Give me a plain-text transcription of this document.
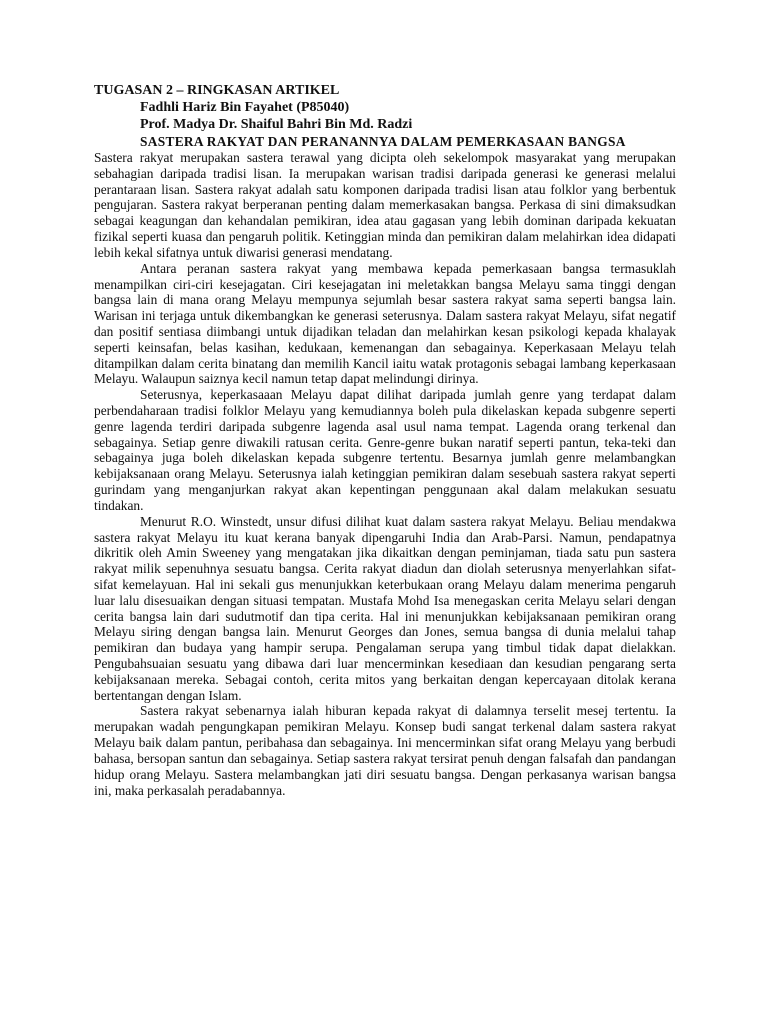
TUGASAN 2 – RINGKASAN ARTIKEL
Fadhli Hariz Bin Fayahet (P85040)
Prof. Madya Dr. Shaiful Bahri Bin Md. Radzi
SASTERA RAKYAT DAN PERANANNYA DALAM PEMERKASAAN BANGSA

Sastera rakyat merupakan sastera terawal yang dicipta oleh sekelompok masyarakat yang merupakan sebahagian daripada tradisi lisan. Ia merupakan warisan tradisi daripada generasi ke generasi melalui perantaraan lisan. Sastera rakyat adalah satu komponen daripada tradisi lisan atau folklor yang berbentuk pengujaran. Sastera rakyat berperanan penting dalam memerkasakan bangsa. Perkasa di sini dimaksudkan sebagai keagungan dan kehandalan pemikiran, idea atau gagasan yang lebih dominan daripada kekuatan fizikal seperti kuasa dan pengaruh politik. Ketinggian minda dan pemikiran dalam melahirkan idea didapati lebih kekal sifatnya untuk diwarisi generasi mendatang.

Antara peranan sastera rakyat yang membawa kepada pemerkasaan bangsa termasuklah menampilkan ciri-ciri kesejagatan. Ciri kesejagatan ini meletakkan bangsa Melayu sama tinggi dengan bangsa lain di mana orang Melayu mempunya sejumlah besar sastera rakyat sama seperti bangsa lain. Warisan ini terjaga untuk dikembangkan ke generasi seterusnya. Dalam sastera rakyat Melayu, sifat negatif dan positif sentiasa diimbangi untuk dijadikan teladan dan melahirkan kesan psikologi kepada khalayak seperti keinsafan, belas kasihan, kedukaan, kemenangan dan sebagainya. Keperkasaan Melayu telah ditampilkan dalam cerita binatang dan memilih Kancil iaitu watak protagonis sebagai lambang keperkasaan Melayu. Walaupun saiznya kecil namun tetap dapat melindungi dirinya.

Seterusnya, keperkasaaan Melayu dapat dilihat daripada jumlah genre yang terdapat dalam perbendaharaan tradisi folklor Melayu yang kemudiannya boleh pula dikelaskan kepada subgenre seperti genre lagenda terdiri daripada subgenre lagenda asal usul nama tempat. Lagenda orang terkenal dan sebagainya. Setiap genre diwakili ratusan cerita. Genre-genre bukan naratif seperti pantun, teka-teki dan sebagainya juga boleh dikelaskan kepada subgenre tertentu. Besarnya jumlah genre melambangkan kebijaksanaan orang Melayu. Seterusnya ialah ketinggian pemikiran dalam sesebuah sastera rakyat seperti gurindam yang menganjurkan rakyat akan kepentingan penggunaan akal dalam melakukan sesuatu tindakan.

Menurut R.O. Winstedt, unsur difusi dilihat kuat dalam sastera rakyat Melayu. Beliau mendakwa sastera rakyat Melayu itu kuat kerana banyak dipengaruhi India dan Arab-Parsi. Namun, pendapatnya dikritik oleh Amin Sweeney yang mengatakan jika dikaitkan dengan peminjaman, tiada satu pun sastera rakyat milik sepenuhnya sesuatu bangsa. Cerita rakyat diadun dan diolah seterusnya menyerlahkan sifat-sifat kemelayuan. Hal ini sekali gus menunjukkan keterbukaan orang Melayu dalam menerima pengaruh luar lalu disesuaikan dengan situasi tempatan. Mustafa Mohd Isa menegaskan cerita Melayu selari dengan cerita bangsa lain dari sudutmotif dan tipa cerita. Hal ini menunjukkan kebijaksanaan pemikiran orang Melayu siring dengan bangsa lain. Menurut Georges dan Jones, semua bangsa di dunia melalui tahap pemikiran dan budaya yang hampir serupa. Pengalaman serupa yang timbul tidak dapat dielakkan. Pengubahsuaian sesuatu yang dibawa dari luar mencerminkan kesediaan dan kesudian pengarang serta kebijaksanaan mereka. Sebagai contoh, cerita mitos yang berkaitan dengan kepercayaan ditolak kerana bertentangan dengan Islam.

Sastera rakyat sebenarnya ialah hiburan kepada rakyat di dalamnya terselit mesej tertentu. Ia merupakan wadah pengungkapan pemikiran Melayu. Konsep budi sangat terkenal dalam sastera rakyat Melayu baik dalam pantun, peribahasa dan sebagainya. Ini mencerminkan sifat orang Melayu yang berbudi bahasa, bersopan santun dan sebagainya. Setiap sastera rakyat tersirat penuh dengan falsafah dan pandangan hidup orang Melayu. Sastera melambangkan jati diri sesuatu bangsa. Dengan perkasanya warisan bangsa ini, maka perkasalah peradabannya.
